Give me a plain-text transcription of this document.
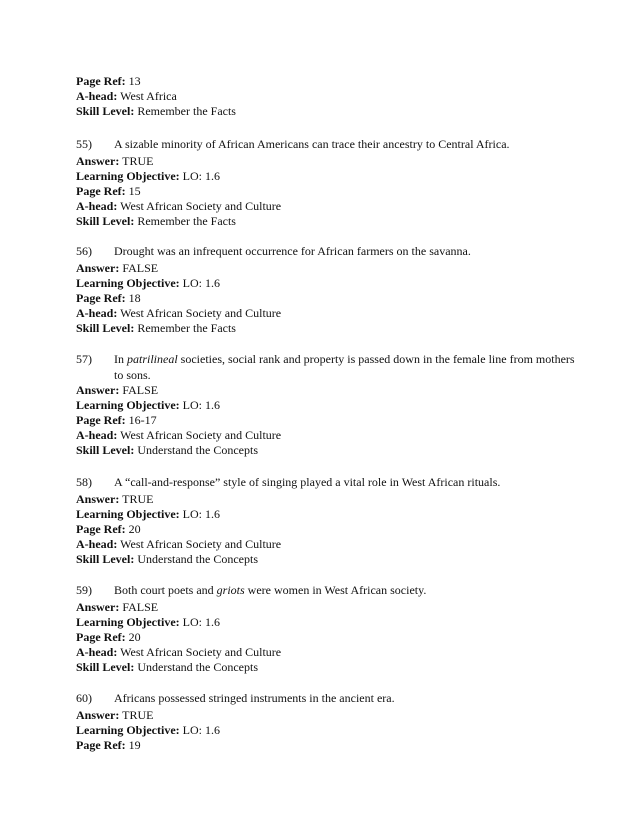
Page Ref: 13
A-head: West Africa
Skill Level: Remember the Facts
55) A sizable minority of African Americans can trace their ancestry to Central Africa.
Answer: TRUE
Learning Objective: LO: 1.6
Page Ref: 15
A-head: West African Society and Culture
Skill Level: Remember the Facts
56) Drought was an infrequent occurrence for African farmers on the savanna.
Answer: FALSE
Learning Objective: LO: 1.6
Page Ref: 18
A-head: West African Society and Culture
Skill Level: Remember the Facts
57) In patrilineal societies, social rank and property is passed down in the female line from mothers to sons.
Answer: FALSE
Learning Objective: LO: 1.6
Page Ref: 16-17
A-head: West African Society and Culture
Skill Level: Understand the Concepts
58) A “call-and-response” style of singing played a vital role in West African rituals.
Answer: TRUE
Learning Objective: LO: 1.6
Page Ref: 20
A-head: West African Society and Culture
Skill Level: Understand the Concepts
59) Both court poets and griots were women in West African society.
Answer: FALSE
Learning Objective: LO: 1.6
Page Ref: 20
A-head: West African Society and Culture
Skill Level: Understand the Concepts
60) Africans possessed stringed instruments in the ancient era.
Answer: TRUE
Learning Objective: LO: 1.6
Page Ref: 19
